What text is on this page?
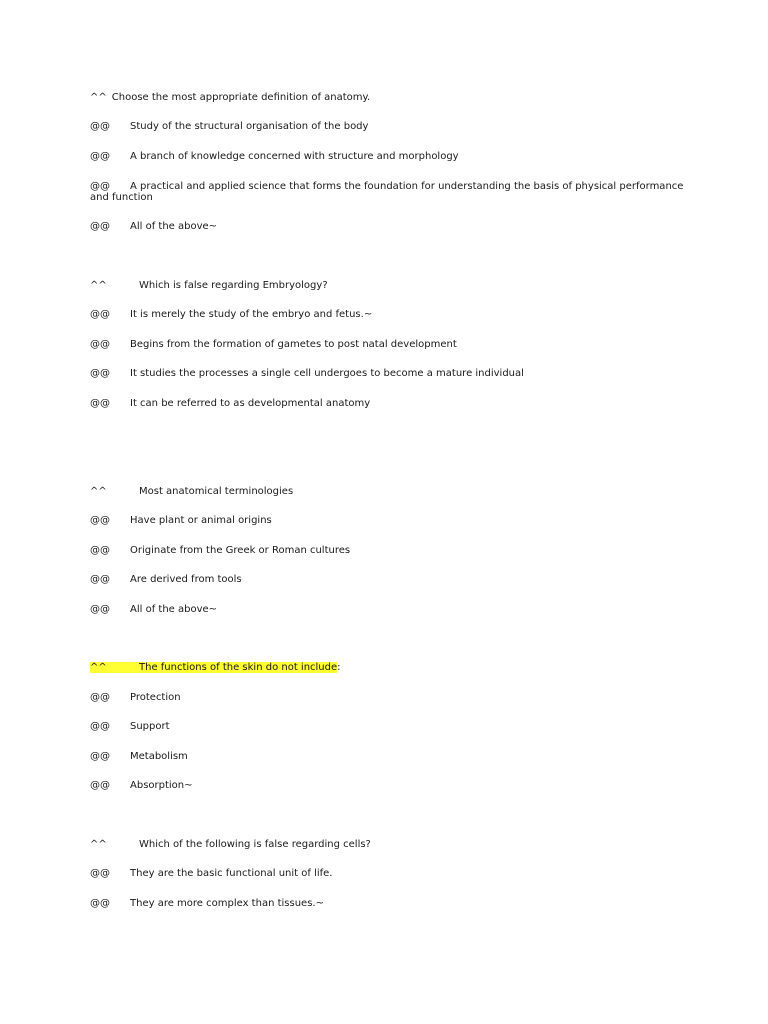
^^ Choose the most appropriate definition of anatomy.
@@ Study of the structural organisation of the body
@@ A branch of knowledge concerned with structure and morphology
@@ A practical and applied science that forms the foundation for understanding the basis of physical performance and function
@@ All of the above~
^^	Which is false regarding Embryology?
@@ It is merely the study of the embryo and fetus.~
@@ Begins from the formation of gametes to post natal development
@@ It studies the processes a single cell undergoes to become a mature individual
@@ It can be referred to as developmental anatomy
^^	Most anatomical terminologies
@@ Have plant or animal origins
@@ Originate from the Greek or Roman cultures
@@ Are derived from tools
@@ All of the above~
^^	The functions of the skin do not include:
@@ Protection
@@ Support
@@ Metabolism
@@ Absorption~
^^	Which of the following is false regarding cells?
@@ They are the basic functional unit of life.
@@ They are more complex than tissues.~
